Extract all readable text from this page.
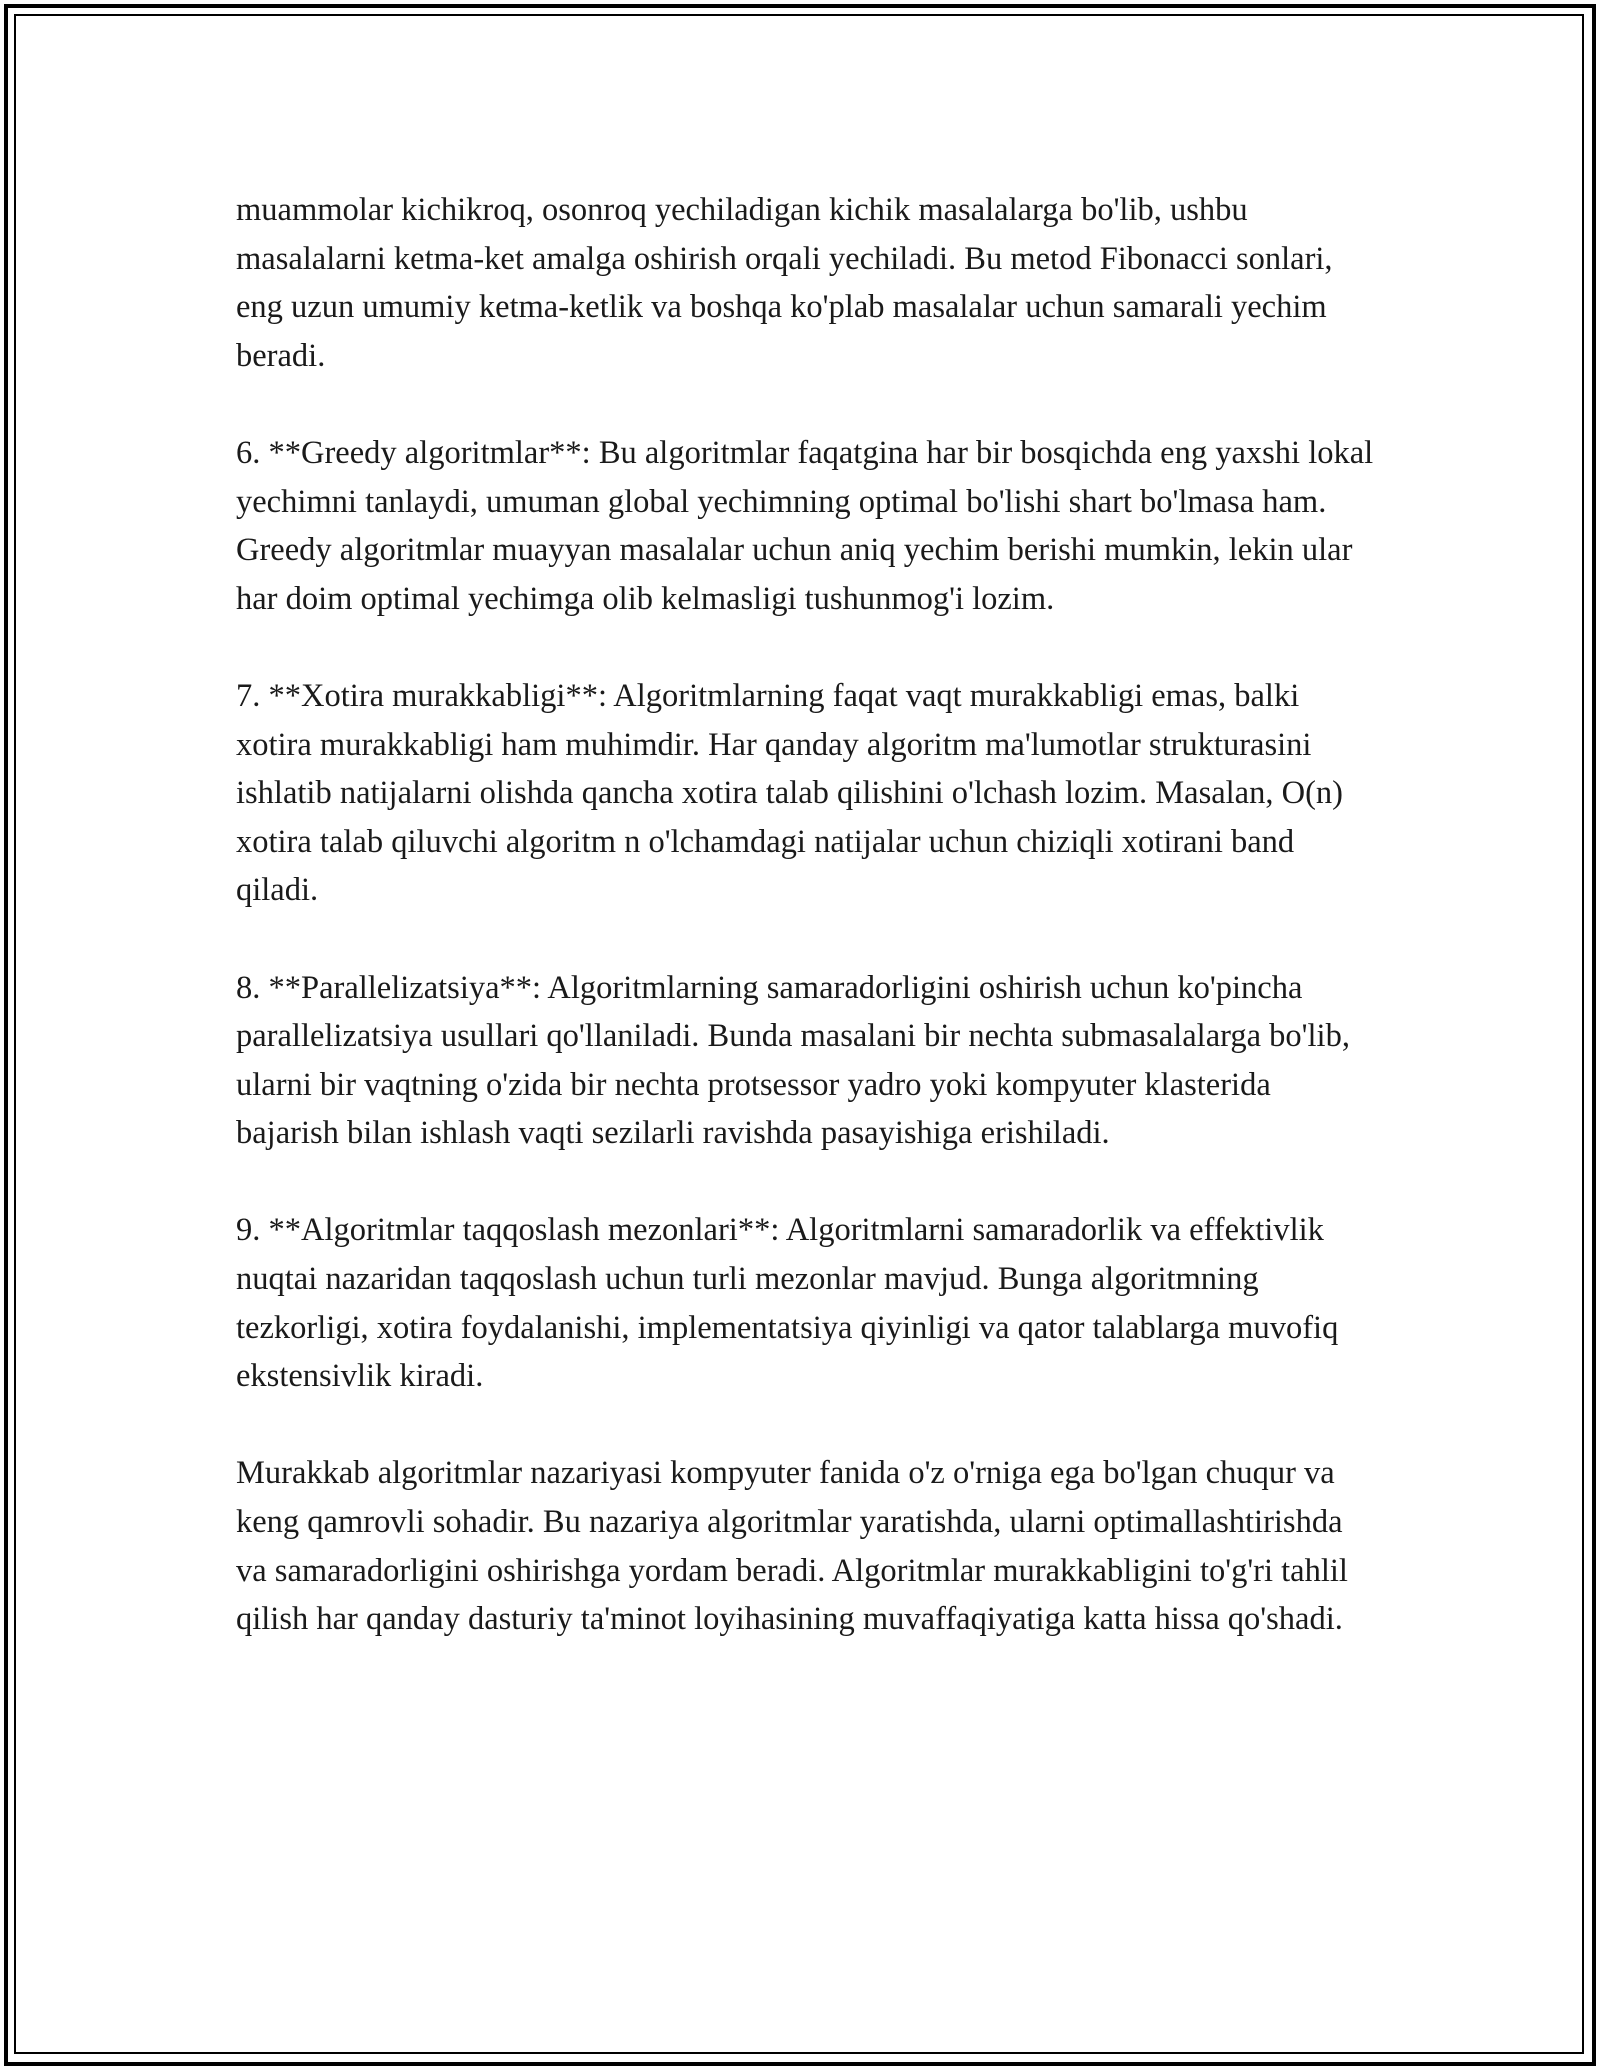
muammolar kichikroq, osonroq yechiladigan kichik masalalarga bo'lib, ushbu masalalarni ketma-ket amalga oshirish orqali yechiladi. Bu metod Fibonacci sonlari, eng uzun umumiy ketma-ketlik va boshqa ko'plab masalalar uchun samarali yechim beradi.

6. **Greedy algoritmlar**: Bu algoritmlar faqatgina har bir bosqichda eng yaxshi lokal yechimni tanlaydi, umuman global yechimning optimal bo'lishi shart bo'lmasa ham. Greedy algoritmlar muayyan masalalar uchun aniq yechim berishi mumkin, lekin ular har doim optimal yechimga olib kelmasligi tushunmog'i lozim.

7. **Xotira murakkabligi**: Algoritmlarning faqat vaqt murakkabligi emas, balki xotira murakkabligi ham muhimdir. Har qanday algoritm ma'lumotlar strukturasini ishlatib natijalarni olishda qancha xotira talab qilishini o'lchash lozim. Masalan, O(n) xotira talab qiluvchi algoritm n o'lchamdagi natijalar uchun chiziqli xotirani band qiladi.

8. **Parallelizatsiya**: Algoritmlarning samaradorligini oshirish uchun ko'pincha parallelizatsiya usullari qo'llaniladi. Bunda masalani bir nechta submasalalarga bo'lib, ularni bir vaqtning o'zida bir nechta protsessor yadro yoki kompyuter klasterida bajarish bilan ishlash vaqti sezilarli ravishda pasayishiga erishiladi.

9. **Algoritmlar taqqoslash mezonlari**: Algoritmlarni samaradorlik va effektivlik nuqtai nazaridan taqqoslash uchun turli mezonlar mavjud. Bunga algoritmning tezkorligi, xotira foydalanishi, implementatsiya qiyinligi va qator talablarga muvofiq ekstensivlik kiradi.

Murakkab algoritmlar nazariyasi kompyuter fanida o'z o'rniga ega bo'lgan chuqur va keng qamrovli sohadir. Bu nazariya algoritmlar yaratishda, ularni optimallashtirishda va samaradorligini oshirishga yordam beradi. Algoritmlar murakkabligini to'g'ri tahlil qilish har qanday dasturiy ta'minot loyihasining muvaffaqiyatiga katta hissa qo'shadi.
